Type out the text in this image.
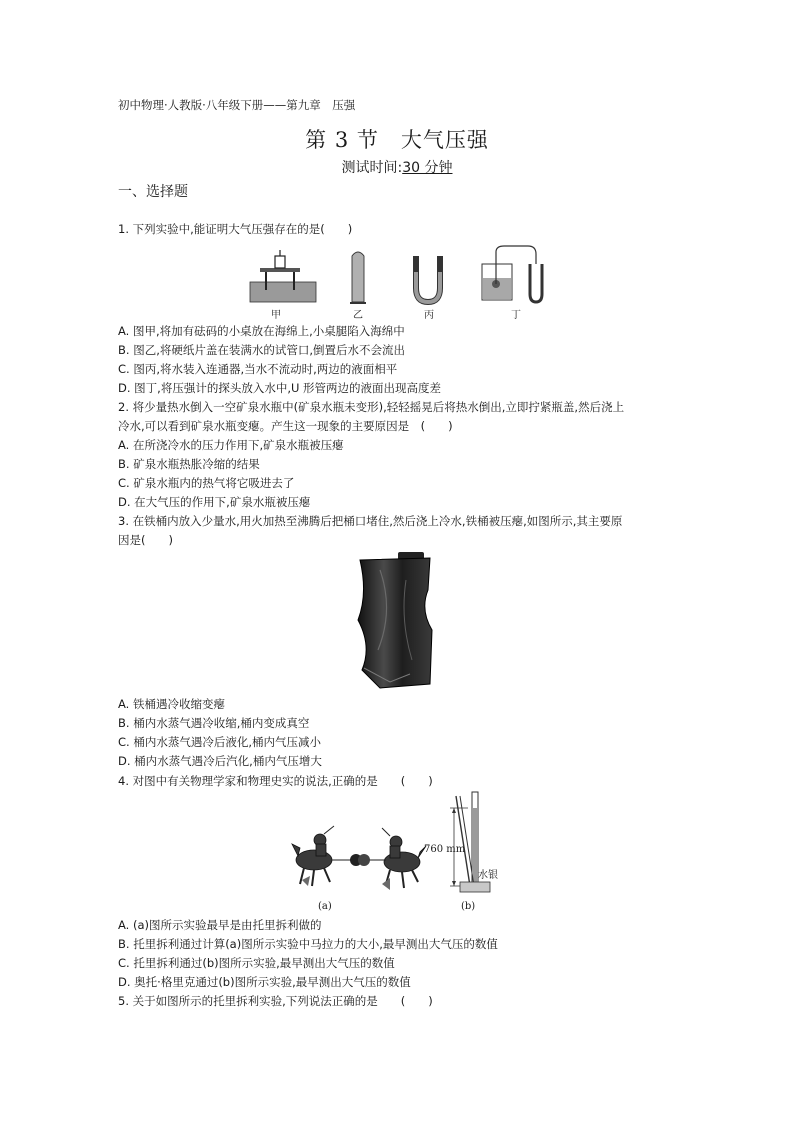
初中物理·人教版·八年级下册——第九章　压强
第 3 节　大气压强
测试时间:30 分钟
一、选择题
1. 下列实验中,能证明大气压强存在的是(　　)
甲	乙	丙	丁
A. 图甲,将加有砝码的小桌放在海绵上,小桌腿陷入海绵中
B. 图乙,将硬纸片盖在装满水的试管口,倒置后水不会流出
C. 图丙,将水装入连通器,当水不流动时,两边的液面相平
D. 图丁,将压强计的探头放入水中,U 形管两边的液面出现高度差
2. 将少量热水倒入一空矿泉水瓶中(矿泉水瓶未变形),轻轻摇晃后将热水倒出,立即拧紧瓶盖,然后浇上
冷水,可以看到矿泉水瓶变瘪。产生这一现象的主要原因是　(　　)
A. 在所浇冷水的压力作用下,矿泉水瓶被压瘪
B. 矿泉水瓶热胀冷缩的结果
C. 矿泉水瓶内的热气将它吸进去了
D. 在大气压的作用下,矿泉水瓶被压瘪
3. 在铁桶内放入少量水,用火加热至沸腾后把桶口堵住,然后浇上冷水,铁桶被压瘪,如图所示,其主要原
因是(　　)
A. 铁桶遇冷收缩变瘪
B. 桶内水蒸气遇冷收缩,桶内变成真空
C. 桶内水蒸气遇冷后液化,桶内气压减小
D. 桶内水蒸气遇冷后汽化,桶内气压增大
4. 对图中有关物理学家和物理史实的说法,正确的是　　(　　)
(a)
760 mm
水银
(b)
A. (a)图所示实验最早是由托里拆利做的
B. 托里拆利通过计算(a)图所示实验中马拉力的大小,最早测出大气压的数值
C. 托里拆利通过(b)图所示实验,最早测出大气压的数值
D. 奥托·格里克通过(b)图所示实验,最早测出大气压的数值
5. 关于如图所示的托里拆利实验,下列说法正确的是　　(　　)
